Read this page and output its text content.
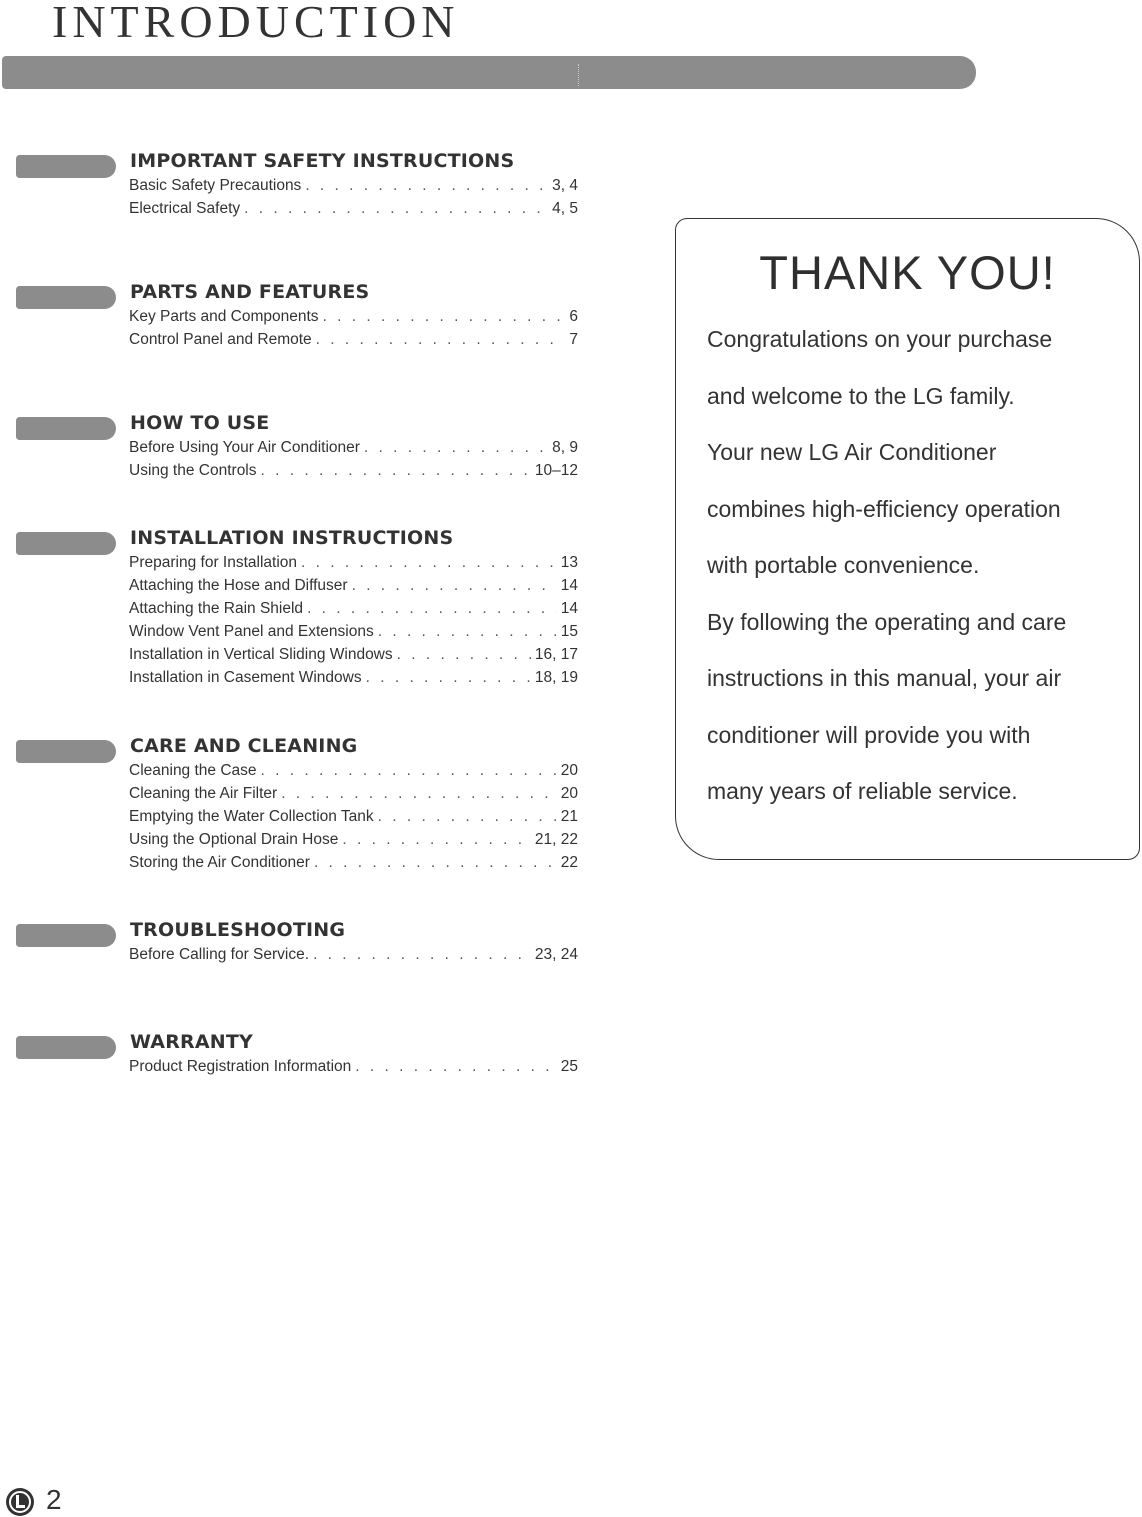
INTRODUCTION
IMPORTANT SAFETY INSTRUCTIONS
Basic Safety Precautions . . .	3, 4
Electrical Safety . . .	4, 5
PARTS AND FEATURES
Key Parts and Components . . .	6
Control Panel and Remote . . .	7
HOW TO USE
Before Using Your Air Conditioner . . .	8, 9
Using the Controls . . .	10–12
INSTALLATION INSTRUCTIONS
Preparing for Installation . . .	13
Attaching the Hose and Diffuser . . .	14
Attaching the Rain Shield . . .	14
Window Vent Panel and Extensions . . .	15
Installation in Vertical Sliding Windows . . .	16, 17
Installation in Casement Windows . . .	18, 19
CARE AND CLEANING
Cleaning the Case . . .	20
Cleaning the Air Filter . . .	20
Emptying the Water Collection Tank . . .	21
Using the Optional Drain Hose . . .	21, 22
Storing the Air Conditioner . . .	22
TROUBLESHOOTING
Before Calling for Service. . . .	23, 24
WARRANTY
Product Registration Information . . .	25
THANK YOU!
Congratulations on your purchase
and welcome to the LG family.
Your new LG Air Conditioner
combines high-efficiency operation
with portable convenience.
By following the operating and care
instructions in this manual, your air
conditioner will provide you with
many years of reliable service.
2
